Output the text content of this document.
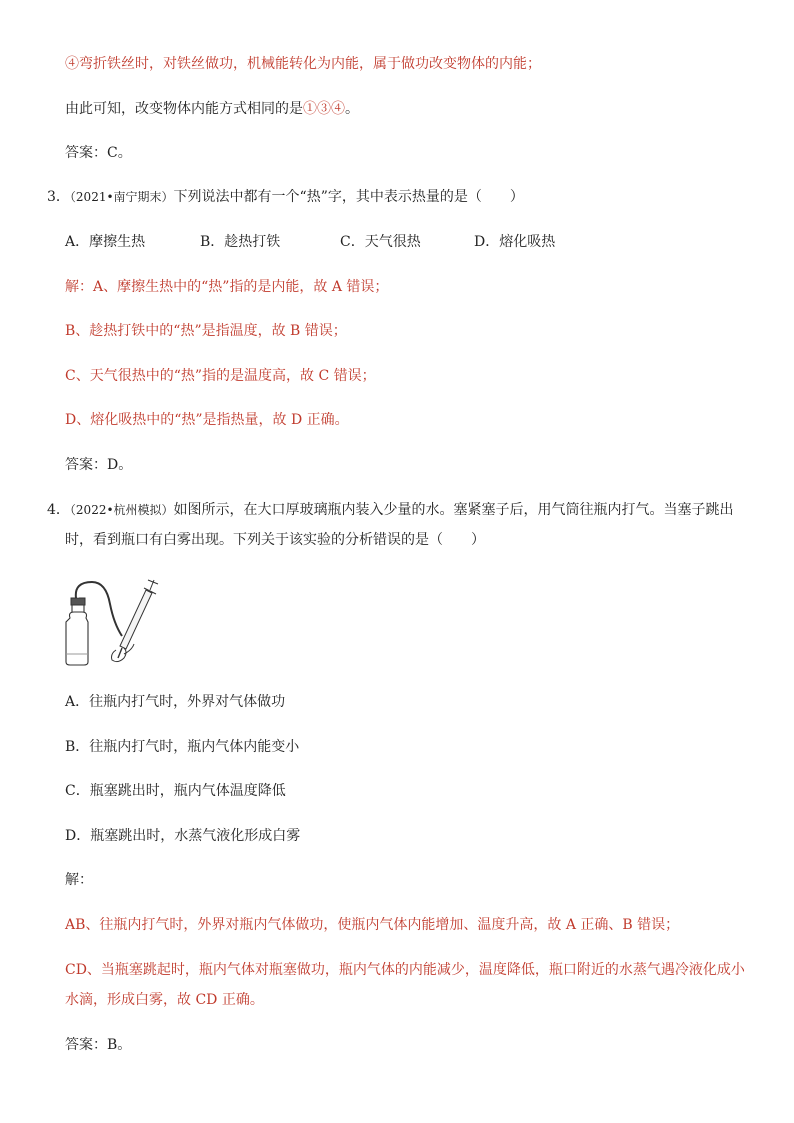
④弯折铁丝时，对铁丝做功，机械能转化为内能，属于做功改变物体的内能；
由此可知，改变物体内能方式相同的是①③④。
答案：C。
3．（2021•南宁期末）下列说法中都有一个“热”字，其中表示热量的是（　　）
A．摩擦生热	B．趁热打铁	C．天气很热	D．熔化吸热
解：A、摩擦生热中的“热”指的是内能，故 A 错误；
B、趁热打铁中的“热”是指温度，故 B 错误；
C、天气很热中的“热”指的是温度高，故 C 错误；
D、熔化吸热中的“热”是指热量，故 D 正确。
答案：D。
4．（2022•杭州模拟）如图所示，在大口厚玻璃瓶内装入少量的水。塞紧塞子后，用气筒往瓶内打气。当塞子跳出
时，看到瓶口有白雾出现。下列关于该实验的分析错误的是（　　）
A．往瓶内打气时，外界对气体做功
B．往瓶内打气时，瓶内气体内能变小
C．瓶塞跳出时，瓶内气体温度降低
D．瓶塞跳出时，水蒸气液化形成白雾
解：
AB、往瓶内打气时，外界对瓶内气体做功，使瓶内气体内能增加、温度升高，故 A 正确、B 错误；
CD、当瓶塞跳起时，瓶内气体对瓶塞做功，瓶内气体的内能减少，温度降低，瓶口附近的水蒸气遇冷液化成小
水滴，形成白雾，故 CD 正确。
答案：B。
